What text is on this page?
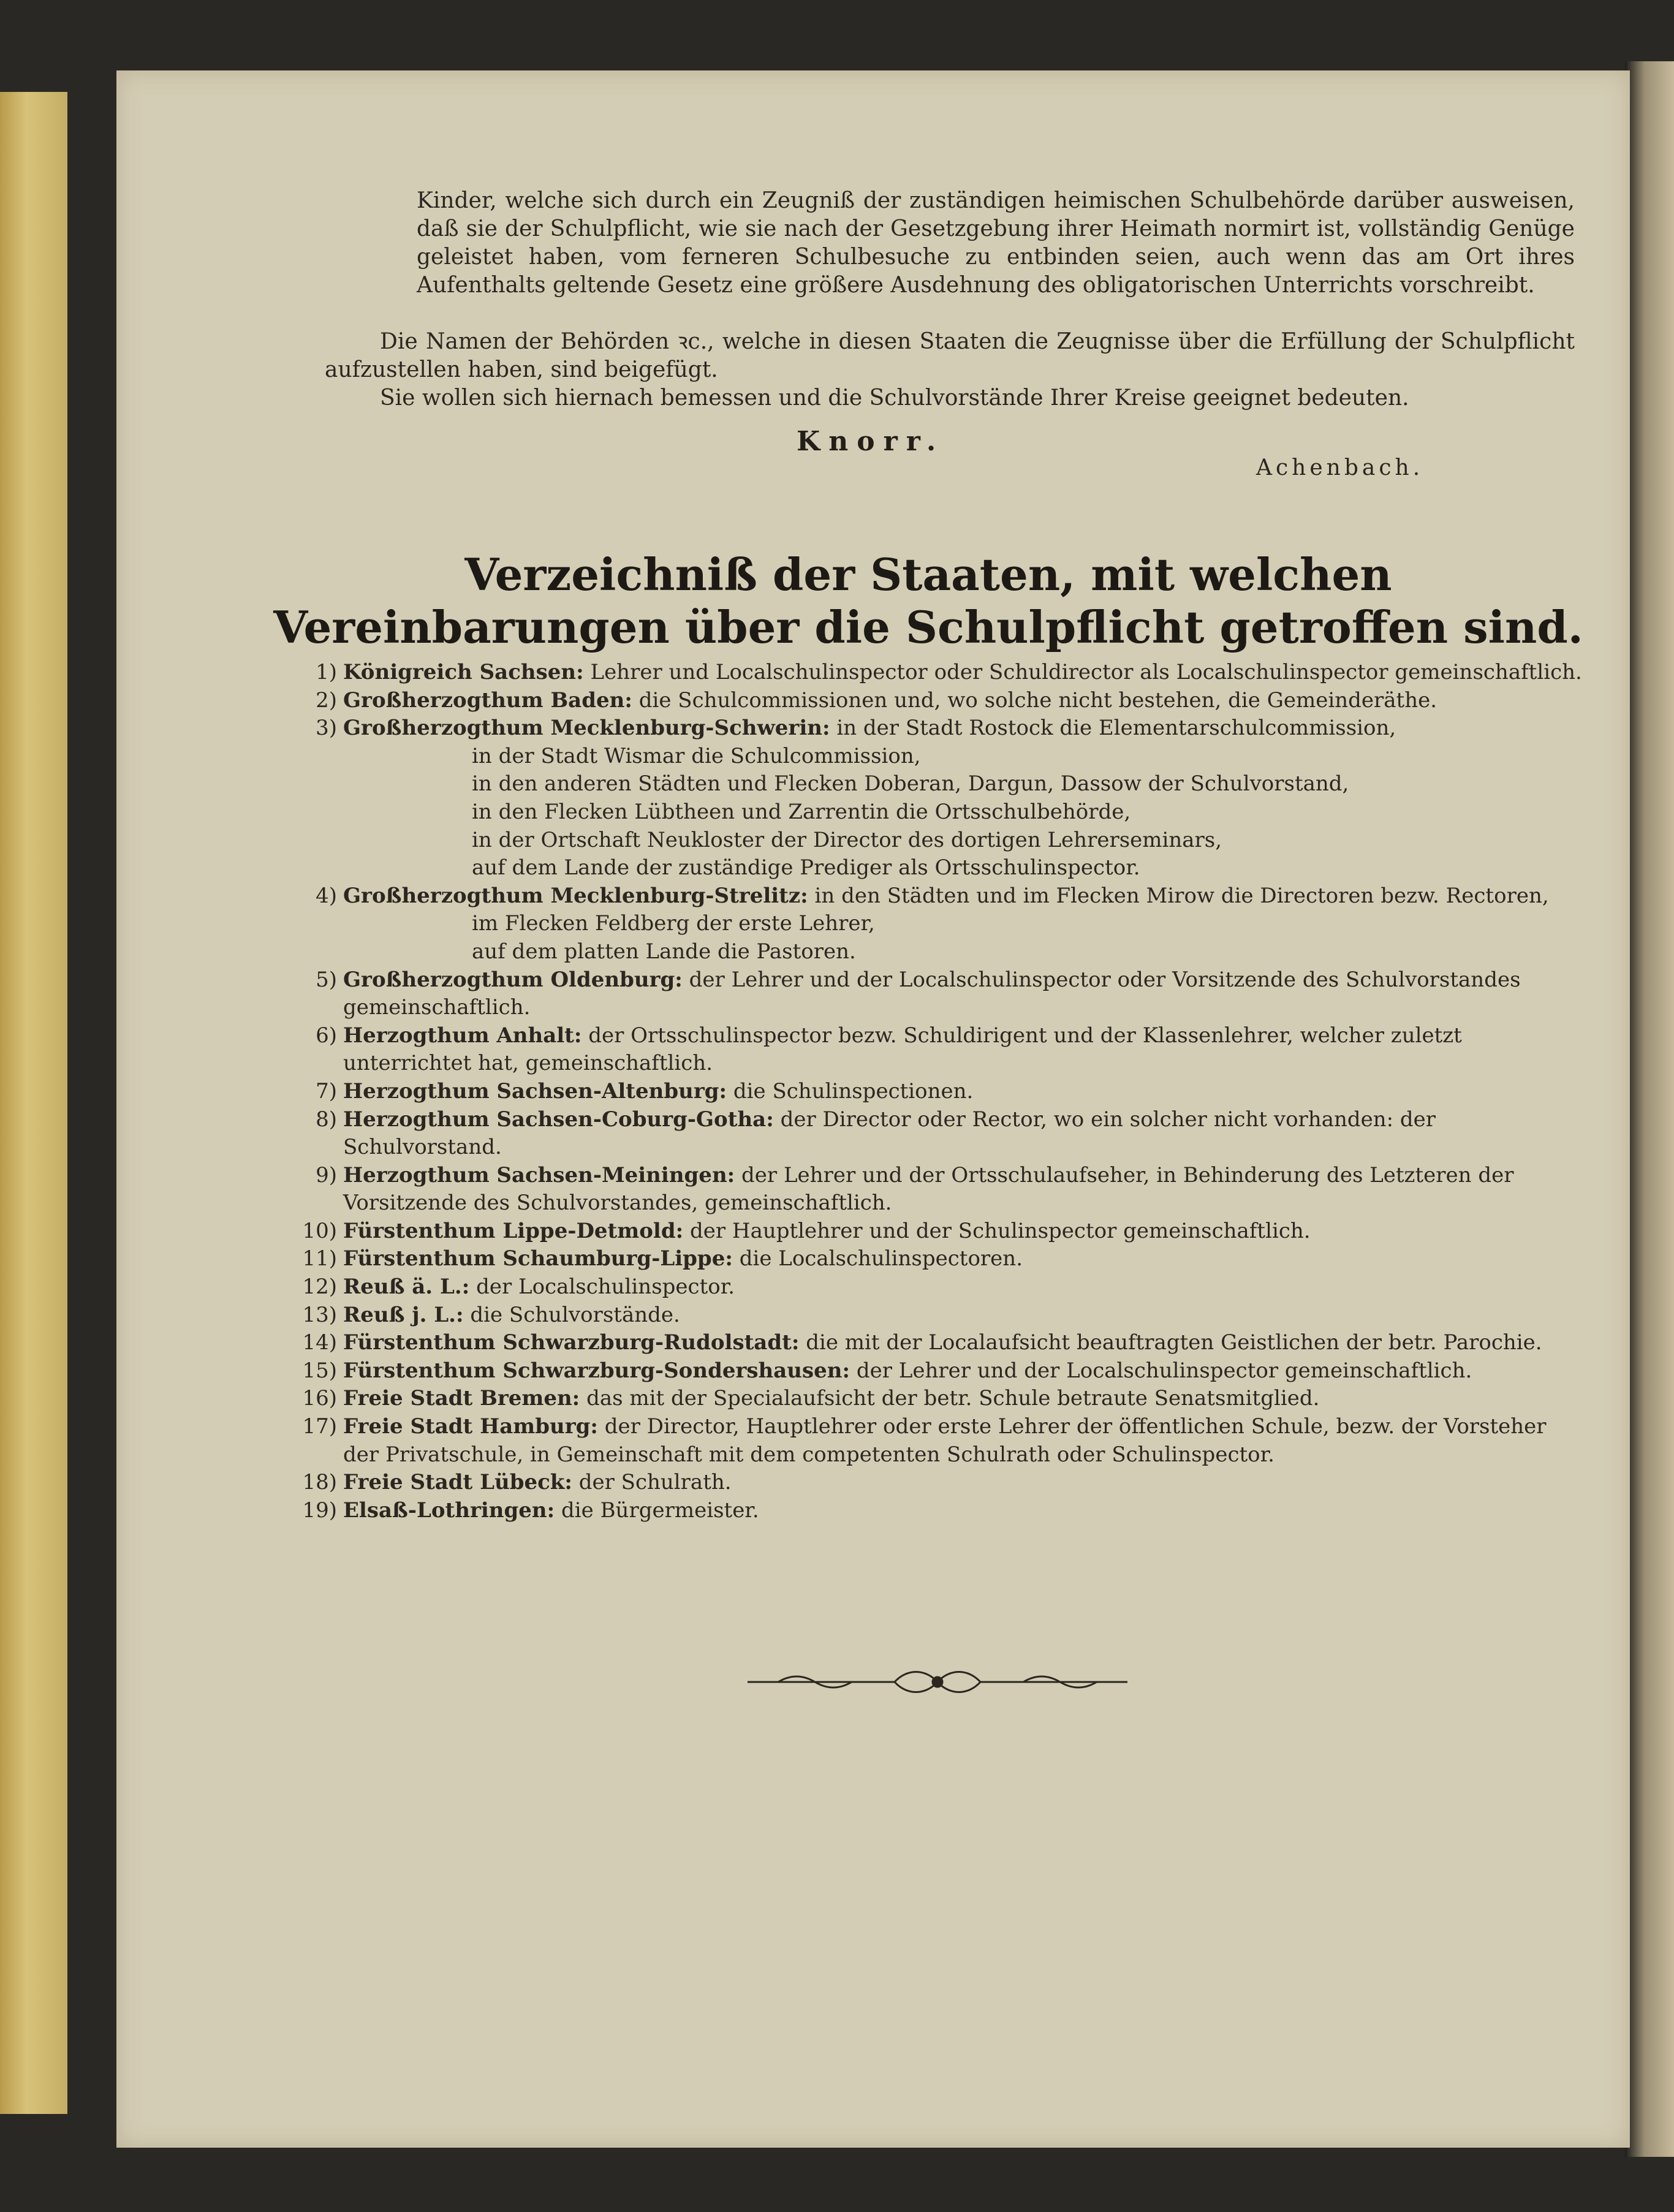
Kinder, welche sich durch ein Zeugniß der zuständigen heimischen Schulbehörde darüber ausweisen, daß sie der Schulpflicht, wie sie nach der Gesetzgebung ihrer Heimath normirt ist, vollständig Genüge geleistet haben, vom ferneren Schulbesuche zu entbinden seien, auch wenn das am Ort ihres Aufenthalts geltende Gesetz eine größere Ausdehnung des obligatorischen Unterrichts vorschreibt.
Die Namen der Behörden ꝛc., welche in diesen Staaten die Zeugnisse über die Erfüllung der Schulpflicht aufzustellen haben, sind beigefügt.
Sie wollen sich hiernach bemessen und die Schulvorstände Ihrer Kreise geeignet bedeuten.
Knorr.
Achenbach.
Verzeichniß der Staaten, mit welchen Vereinbarungen über die Schulpflicht getroffen sind.
1) Königreich Sachsen: Lehrer und Localschulinspector oder Schuldirector als Localschulinspector gemeinschaftlich.
2) Großherzogthum Baden: die Schulcommissionen und, wo solche nicht bestehen, die Gemeinderäthe.
3) Großherzogthum Mecklenburg-Schwerin: in der Stadt Rostock die Elementarschulcommission,
in der Stadt Wismar die Schulcommission,
in den anderen Städten und Flecken Doberan, Dargun, Dassow der Schulvorstand,
in den Flecken Lübtheen und Zarrentin die Ortsschulbehörde,
in der Ortschaft Neukloster der Director des dortigen Lehrerseminars,
auf dem Lande der zuständige Prediger als Ortsschulinspector.
4) Großherzogthum Mecklenburg-Strelitz: in den Städten und im Flecken Mirow die Directoren bezw. Rectoren,
im Flecken Feldberg der erste Lehrer,
auf dem platten Lande die Pastoren.
5) Großherzogthum Oldenburg: der Lehrer und der Localschulinspector oder Vorsitzende des Schulvorstandes gemeinschaftlich.
6) Herzogthum Anhalt: der Ortsschulinspector bezw. Schuldirigent und der Klassenlehrer, welcher zuletzt unterrichtet hat, gemeinschaftlich.
7) Herzogthum Sachsen-Altenburg: die Schulinspectionen.
8) Herzogthum Sachsen-Coburg-Gotha: der Director oder Rector, wo ein solcher nicht vorhanden: der Schulvorstand.
9) Herzogthum Sachsen-Meiningen: der Lehrer und der Ortsschulaufseher, in Behinderung des Letzteren der Vorsitzende des Schulvorstandes, gemeinschaftlich.
10) Fürstenthum Lippe-Detmold: der Hauptlehrer und der Schulinspector gemeinschaftlich.
11) Fürstenthum Schaumburg-Lippe: die Localschulinspectoren.
12) Reuß ä. L.: der Localschulinspector.
13) Reuß j. L.: die Schulvorstände.
14) Fürstenthum Schwarzburg-Rudolstadt: die mit der Localaufsicht beauftragten Geistlichen der betr. Parochie.
15) Fürstenthum Schwarzburg-Sondershausen: der Lehrer und der Localschulinspector gemeinschaftlich.
16) Freie Stadt Bremen: das mit der Specialaufsicht der betr. Schule betraute Senatsmitglied.
17) Freie Stadt Hamburg: der Director, Hauptlehrer oder erste Lehrer der öffentlichen Schule, bezw. der Vorsteher der Privatschule, in Gemeinschaft mit dem competenten Schulrath oder Schulinspector.
18) Freie Stadt Lübeck: der Schulrath.
19) Elsaß-Lothringen: die Bürgermeister.
